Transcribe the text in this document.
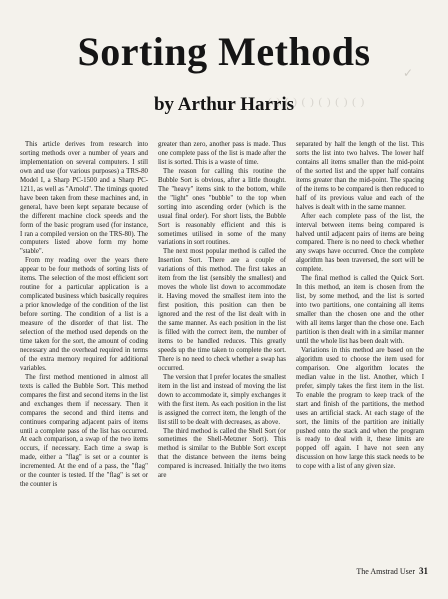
Sorting Methods	✓
( ) ( ) ( ) ( ) ( ) ( )
by Arthur Harris

This article derives from research into sorting methods over a number of years and implementation on several computers. I still own and use (for various purposes) a TRS-80 Model I, a Sharp PC-1500 and a Sharp PC-1211, as well as "Arnold". The timings quoted have been taken from these machines and, in general, have been kept separate because of the different machine clock speeds and the form of the basic program used (for instance, I ran a compiled version on the TRS-80). The computers listed above form my home "stable".

From my reading over the years there appear to be four methods of sorting lists of items. The selection of the most efficient sort routine for a particular application is a complicated business which basically requires a prior knowledge of the condition of the list before sorting. The condition of a list is a measure of the disorder of that list. The selection of the method used depends on the time taken for the sort, the amount of coding necessary and the overhead required in terms of the extra memory required for additional variables.

The first method mentioned in almost all texts is called the Bubble Sort. This method compares the first and second items in the list and exchanges them if necessary. Then it compares the second and third items and continues comparing adjacent pairs of items until a complete pass of the list has occurred. At each comparison, a swap of the two items occurs, if necessary. Each time a swap is made, either a "flag" is set or a counter is incremented. At the end of a pass, the "flag" or the counter is tested. If the "flag" is set or the counter is

greater than zero, another pass is made. Thus one complete pass of the list is made after the list is sorted. This is a waste of time.

The reason for calling this routine the Bubble Sort is obvious, after a little thought. The "heavy" items sink to the bottom, while the "light" ones "bubble" to the top when sorting into ascending order (which is the usual final order). For short lists, the Bubble Sort is reasonably efficient and this is sometimes utilised in some of the many variations in sort routines.

The next most popular method is called the Insertion Sort. There are a couple of variations of this method. The first takes an item from the list (sensibly the smallest) and moves the whole list down to accommodate it. Having moved the smallest item into the first position, this position can then be ignored and the rest of the list dealt with in the same manner. As each position in the list is filled with the correct item, the number of items to be handled reduces. This greatly speeds up the time taken to complete the sort. There is no need to check whether a swap has occurred.

The version that I prefer locates the smallest item in the list and instead of moving the list down to accommodate it, simply exchanges it with the first item. As each position in the list is assigned the correct item, the length of the list still to be dealt with decreases, as above.

The third method is called the Shell Sort (or sometimes the Shell-Metzner Sort). This method is similar to the Bubble Sort except that the distance between the items being compared is increased. Initially the two items are

separated by half the length of the list. This sorts the list into two halves. The lower half contains all items smaller than the mid-point of the sorted list and the upper half contains items greater than the mid-point. The spacing of the items to be compared is then reduced to half of its previous value and each of the halves is dealt with in the same manner.

After each complete pass of the list, the interval between items being compared is halved until adjacent pairs of items are being compared. There is no need to check whether any swaps have occurred. Once the complete algorithm has been traversed, the sort will be complete.

The final method is called the Quick Sort. In this method, an item is chosen from the list, by some method, and the list is sorted into two partitions, one containing all items smaller than the chosen one and the other with all items larger than the chose one. Each partition is then dealt with in a similar manner until the whole list has been dealt with.

Variations in this method are based on the algorithm used to choose the item used for comparison. One algorithm locates the median value in the list. Another, which I prefer, simply takes the first item in the list. To enable the program to keep track of the start and finish of the partitions, the method uses an artificial stack. At each stage of the sort, the limits of the partition are initially pushed onto the stack and when the program is ready to deal with it, these limits are popped off again. I have not seen any discussion on how large this stack needs to be to cope with a list of any given size.

The Amstrad User 31
